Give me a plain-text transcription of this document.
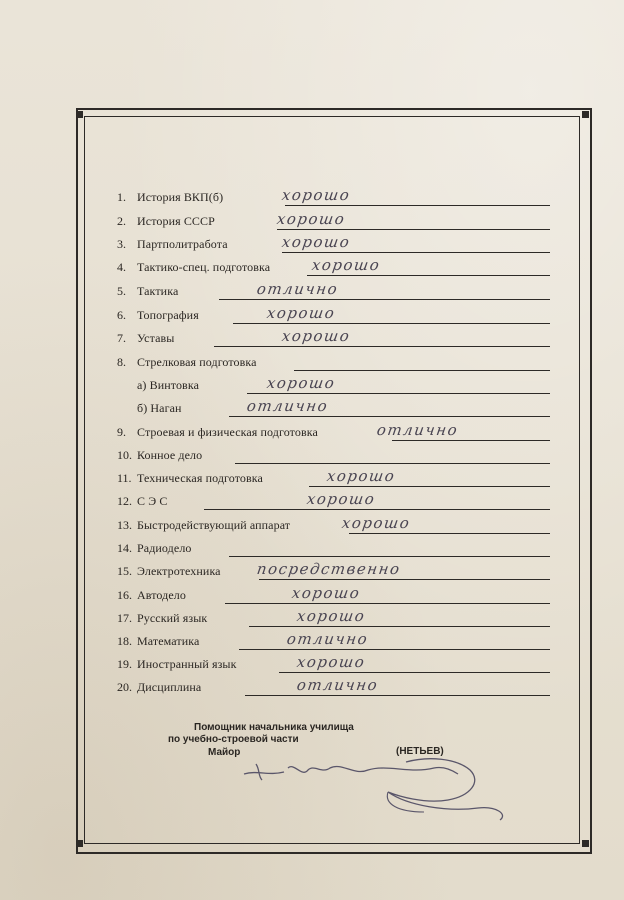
1. История ВКП(б)	хорошо
2. История СССР	хорошо
3. Партполитработа	хорошо
4. Тактико-спец. подготовка	хорошо
5. Тактика	отлично
6. Топография	хорошо
7. Уставы	хорошо
8. Стрелковая подготовка
а) Винтовка	хорошо
б) Наган	отлично
9. Строевая и физическая подготовка	отлично
10. Конное дело
11. Техническая подготовка	хорошо
12. С Э С	хорошо
13. Быстродействующий аппарат	хорошо
14. Радиодело
15. Электротехника посредственно
16. Автодело	хорошо
17. Русский язык	хорошо
18. Математика	отлично
19. Иностранный язык	хорошо
20. Дисциплина	отлично
Помощник начальника училища
по учебно-строевой части
Майор	(НЕТЬЕВ)
